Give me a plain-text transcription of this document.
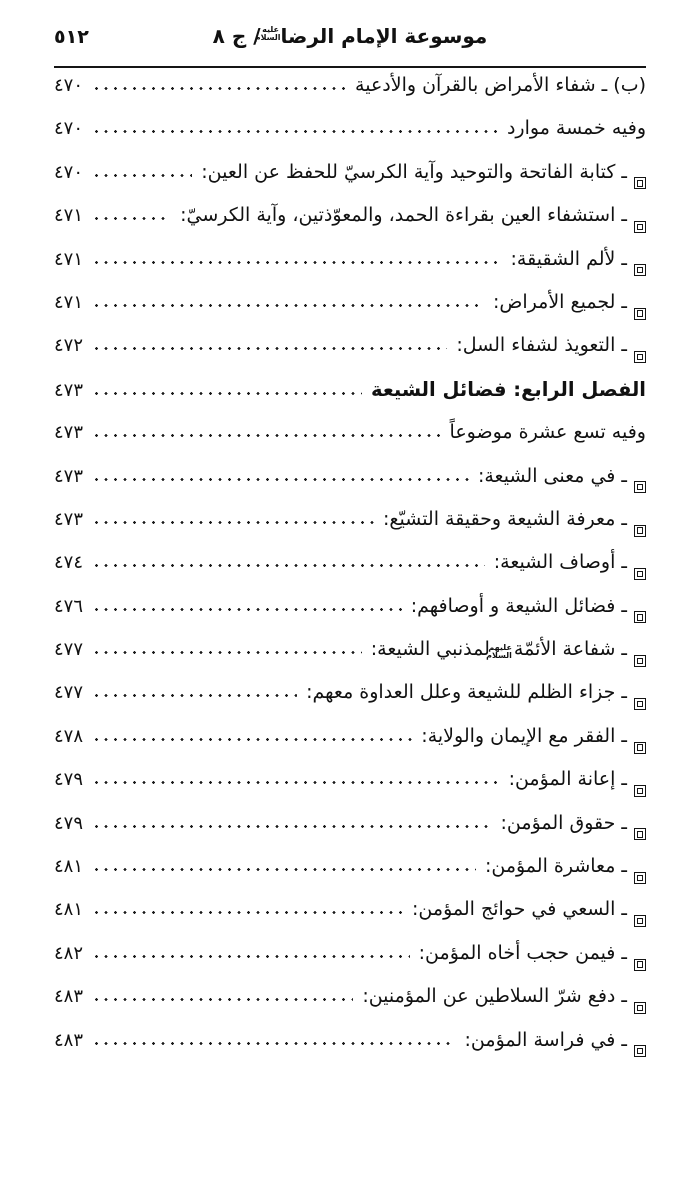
٥١٢	موسوعة الإمام الرضاعليه السلام/ ج ٨
(ب) ـ شفاء الأمراض بالقرآن والأدعية
٤٧٠
وفيه خمسة موارد
٤٧٠
ـ كتابة الفاتحة والتوحيد وآية الكرسيّ للحفظ عن العين:
٤٧٠
ـ استشفاء العين بقراءة الحمد، والمعوّذتين، وآية الكرسيّ:
٤٧١
ـ لألم الشقيقة:
٤٧١
ـ لجميع الأمراض:
٤٧١
ـ التعويذ لشفاء السل:
٤٧٢
الفصل الرابع: فضائل الشيعة
٤٧٣
وفيه تسع عشرة موضوعاً
٤٧٣
ـ في معنى الشيعة:
٤٧٣
ـ معرفة الشيعة وحقيقة التشيّع:
٤٧٣
ـ أوصاف الشيعة:
٤٧٤
ـ فضائل الشيعة و أوصافهم:
٤٧٦
ـ شفاعة الأئمّة
عليهم السلام
لمذنبي الشيعة:
٤٧٧
ـ جزاء الظلم للشيعة وعلل العداوة معهم:
٤٧٧
ـ الفقر مع الإيمان والولاية:
٤٧٨
ـ إعانة المؤمن:
٤٧٩
ـ حقوق المؤمن:
٤٧٩
ـ معاشرة المؤمن:
٤٨١
ـ السعي في حوائج المؤمن:
٤٨١
ـ فيمن حجب أخاه المؤمن:
٤٨٢
ـ دفع شرّ السلاطين عن المؤمنين:
٤٨٣
ـ في فراسة المؤمن:
٤٨٣
